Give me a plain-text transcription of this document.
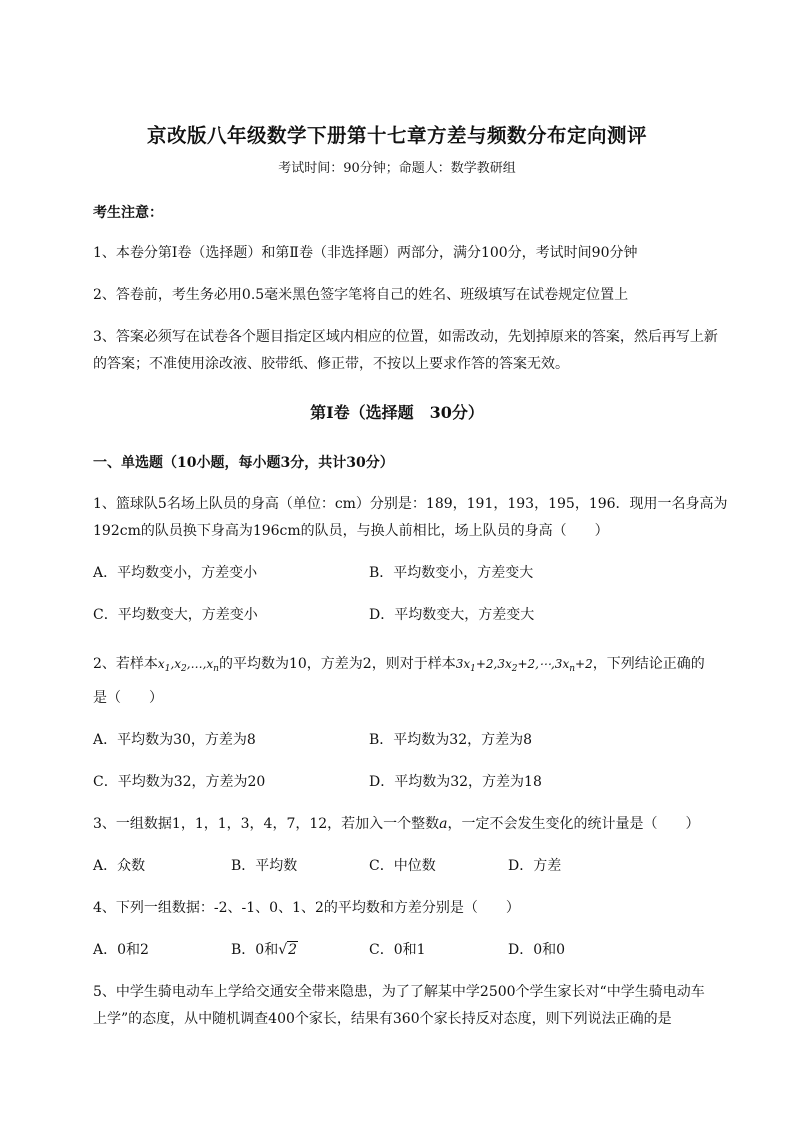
京改版八年级数学下册第十七章方差与频数分布定向测评
考试时间：90分钟；命题人：数学教研组
考生注意：
1、本卷分第Ⅰ卷（选择题）和第Ⅱ卷（非选择题）两部分，满分100分，考试时间90分钟
2、答卷前，考生务必用0.5毫米黑色签字笔将自己的姓名、班级填写在试卷规定位置上
3、答案必须写在试卷各个题目指定区域内相应的位置，如需改动，先划掉原来的答案，然后再写上新
的答案；不准使用涂改液、胶带纸、修正带，不按以上要求作答的答案无效。
第Ⅰ卷（选择题　30分）
一、单选题（10小题，每小题3分，共计30分）
1、篮球队5名场上队员的身高（单位：cm）分别是：189，191，193，195，196．现用一名身高为
192cm的队员换下身高为196cm的队员，与换人前相比，场上队员的身高（　　）
A．平均数变小，方差变小	B．平均数变小，方差变大
C．平均数变大，方差变小	D．平均数变大，方差变大
2、若样本$x_1,x_2,\dots,x_n$的平均数为10，方差为2，则对于样本$3x_1+2,3x_2+2,\cdots,3x_n+2$，下列结论正确的
是（　　）
A．平均数为30，方差为8	B．平均数为32，方差为8
C．平均数为32，方差为20	D．平均数为32，方差为18
3、一组数据1，1，1，3，4，7，12，若加入一个整数a，一定不会发生变化的统计量是（　　）
A．众数	B．平均数	C．中位数	D．方差
4、下列一组数据：-2、-1、0、1、2的平均数和方差分别是（　　）
A．0和2	B．0和√2	C．0和1	D．0和0
5、中学生骑电动车上学给交通安全带来隐患，为了了解某中学2500个学生家长对“中学生骑电动车
上学”的态度，从中随机调查400个家长，结果有360个家长持反对态度，则下列说法正确的是
